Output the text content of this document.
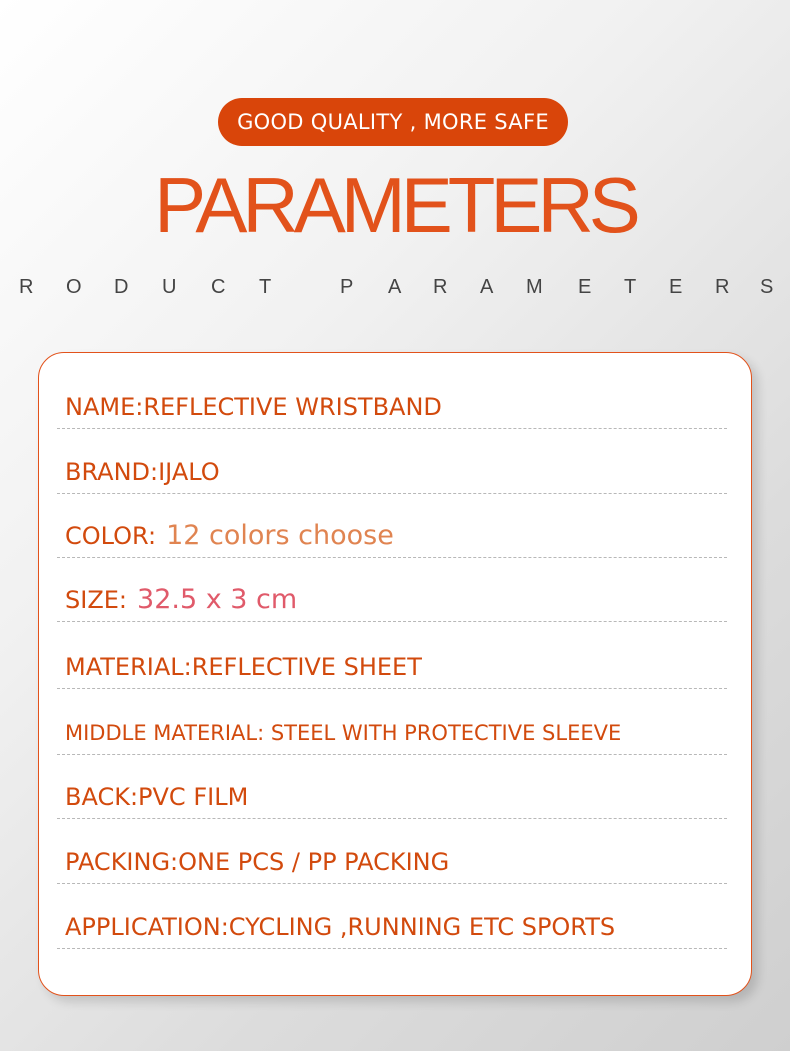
GOOD QUALITY , MORE SAFE
PARAMETERS
R O D U C T	P A R A M E T E R S
NAME:REFLECTIVE WRISTBAND
BRAND:IJALO
COLOR: 12 colors choose
SIZE: 32.5 x 3 cm
MATERIAL:REFLECTIVE SHEET
MIDDLE MATERIAL: STEEL WITH PROTECTIVE SLEEVE
BACK:PVC FILM
PACKING:ONE PCS / PP PACKING
APPLICATION:CYCLING ,RUNNING ETC SPORTS
